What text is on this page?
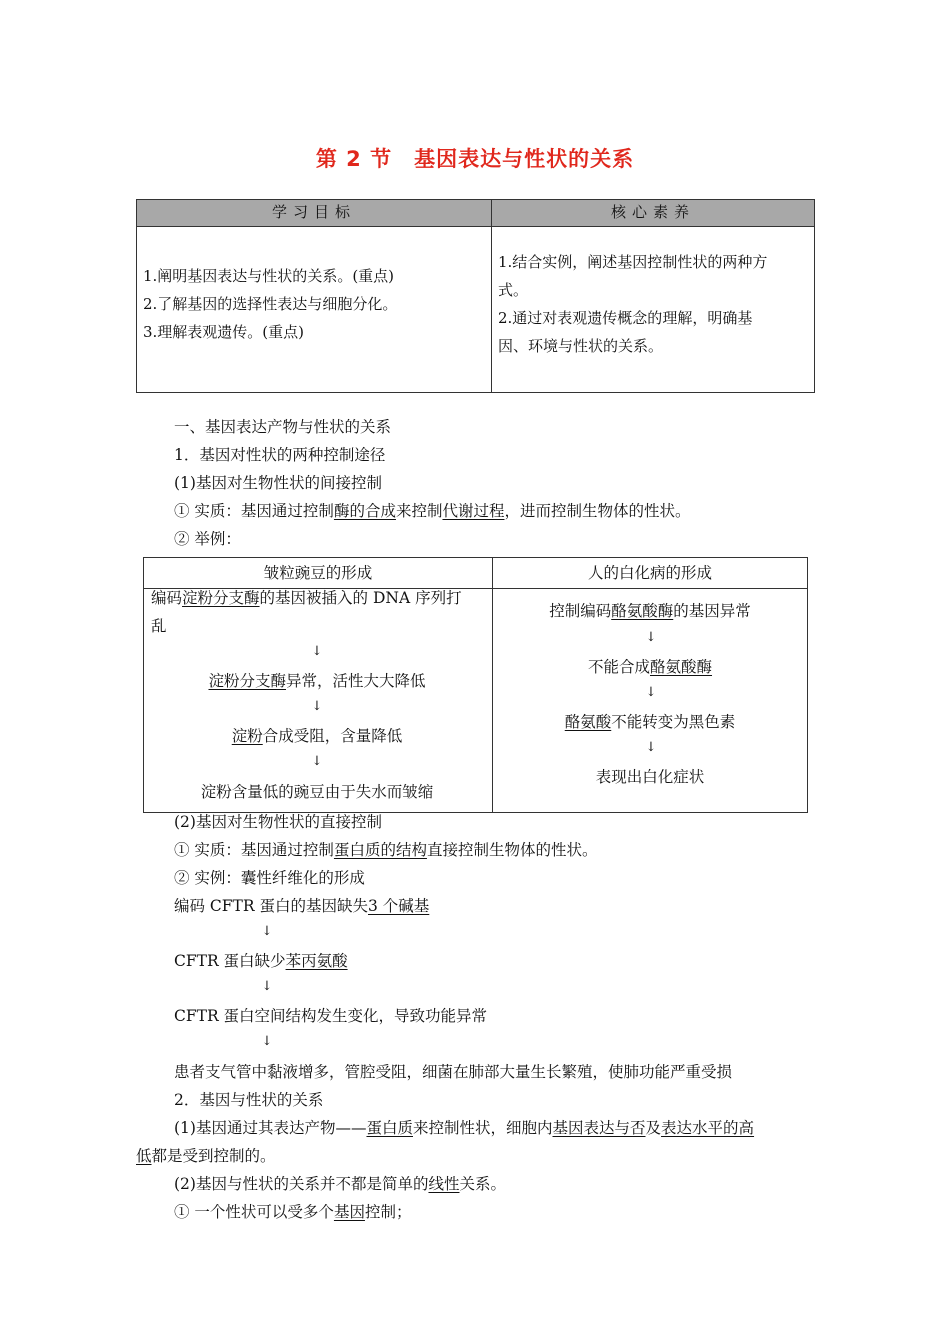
第 2 节 基因表达与性状的关系
学习目标	核心素养

1.阐明基因表达与性状的关系。(重点)

2.了解基因的选择性表达与细胞分化。

3.理解表观遗传。(重点)

1.结合实例，阐述基因控制性状的两种方

式。

2.通过对表观遗传概念的理解，明确基

因、环境与性状的关系。

一、基因表达产物与性状的关系
1．基因对性状的两种控制途径
(1)基因对生物性状的间接控制
① 实质：基因通过控制酶的合成来控制代谢过程，进而控制生物体的性状。
② 举例：
皱粒豌豆的形成	人的白化病的形成
编码淀粉分支酶的基因被插入的 DNA 序列打
乱
↓
淀粉分支酶异常，活性大大降低
↓
淀粉合成受阻，含量降低
↓
淀粉含量低的豌豆由于失水而皱缩
控制编码酪氨酸酶的基因异常
↓
不能合成酪氨酸酶
↓
酪氨酸不能转变为黑色素
↓
表现出白化症状
(2)基因对生物性状的直接控制
① 实质：基因通过控制蛋白质的结构直接控制生物体的性状。
② 实例：囊性纤维化的形成
编码 CFTR 蛋白的基因缺失3 个碱基
↓
CFTR 蛋白缺少苯丙氨酸
↓
CFTR 蛋白空间结构发生变化，导致功能异常
↓
患者支气管中黏液增多，管腔受阻，细菌在肺部大量生长繁殖，使肺功能严重受损
2．基因与性状的关系
(1)基因通过其表达产物——蛋白质来控制性状，细胞内基因表达与否及表达水平的高
低都是受到控制的。
(2)基因与性状的关系并不都是简单的线性关系。
① 一个性状可以受多个基因控制；
